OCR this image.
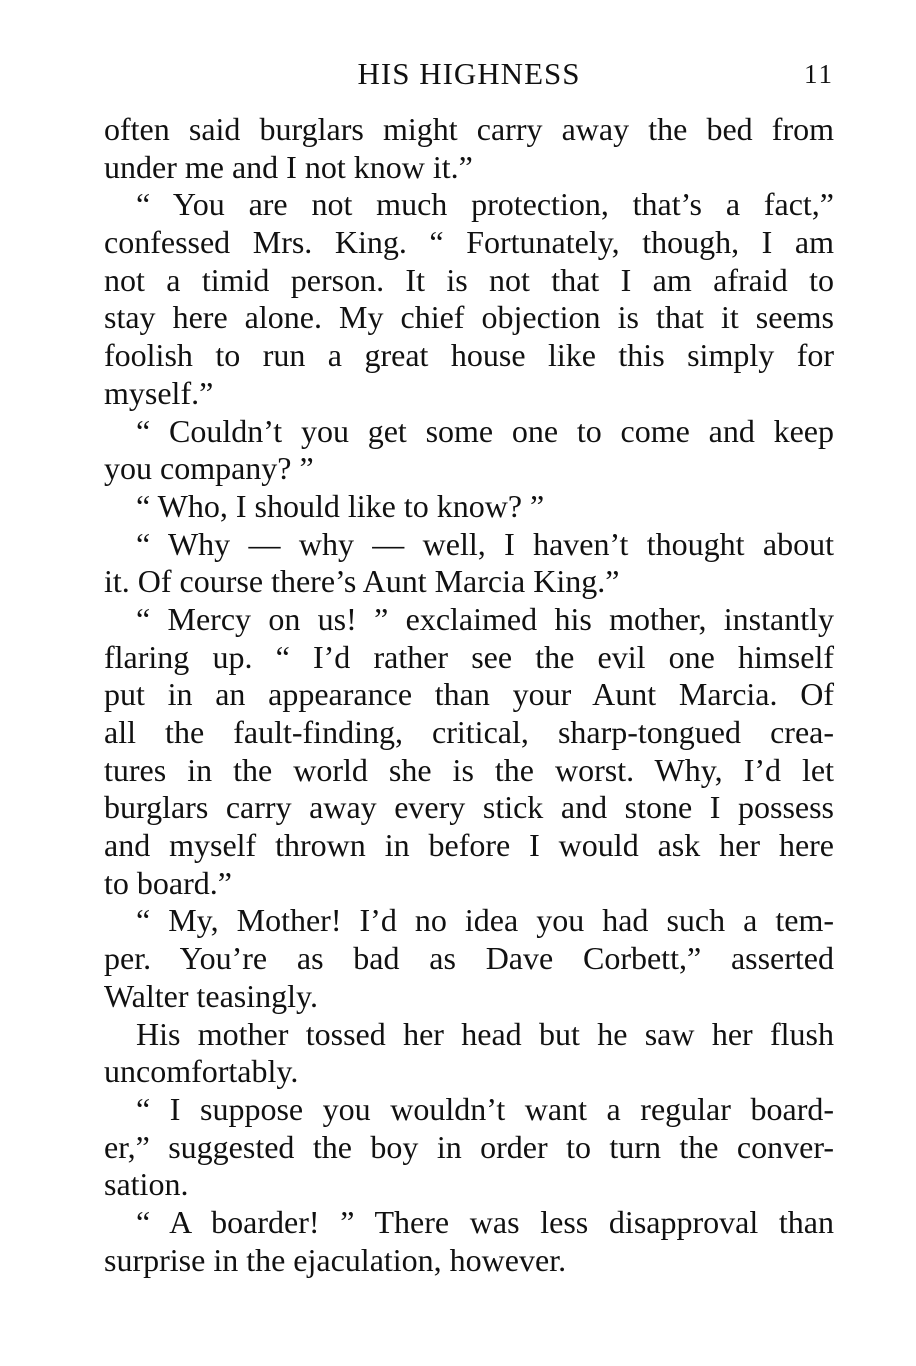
HIS HIGHNESS	11
often said burglars might carry away the bed from
under me and I not know it.”
“ You are not much protection, that’s a fact,”
confessed Mrs. King. “ Fortunately, though, I am
not a timid person. It is not that I am afraid to
stay here alone. My chief objection is that it seems
foolish to run a great house like this simply for
myself.”
“ Couldn’t you get some one to come and keep
you company? ”
“ Who, I should like to know? ”
“ Why — why — well, I haven’t thought about
it. Of course there’s Aunt Marcia King.”
“ Mercy on us! ” exclaimed his mother, instantly
flaring up. “ I’d rather see the evil one himself
put in an appearance than your Aunt Marcia. Of
all the fault-finding, critical, sharp-tongued crea-
tures in the world she is the worst. Why, I’d let
burglars carry away every stick and stone I possess
and myself thrown in before I would ask her here
to board.”
“ My, Mother! I’d no idea you had such a tem-
per. You’re as bad as Dave Corbett,” asserted
Walter teasingly.
His mother tossed her head but he saw her flush
uncomfortably.
“ I suppose you wouldn’t want a regular board-
er,” suggested the boy in order to turn the conver-
sation.
“ A boarder! ” There was less disapproval than
surprise in the ejaculation, however.
